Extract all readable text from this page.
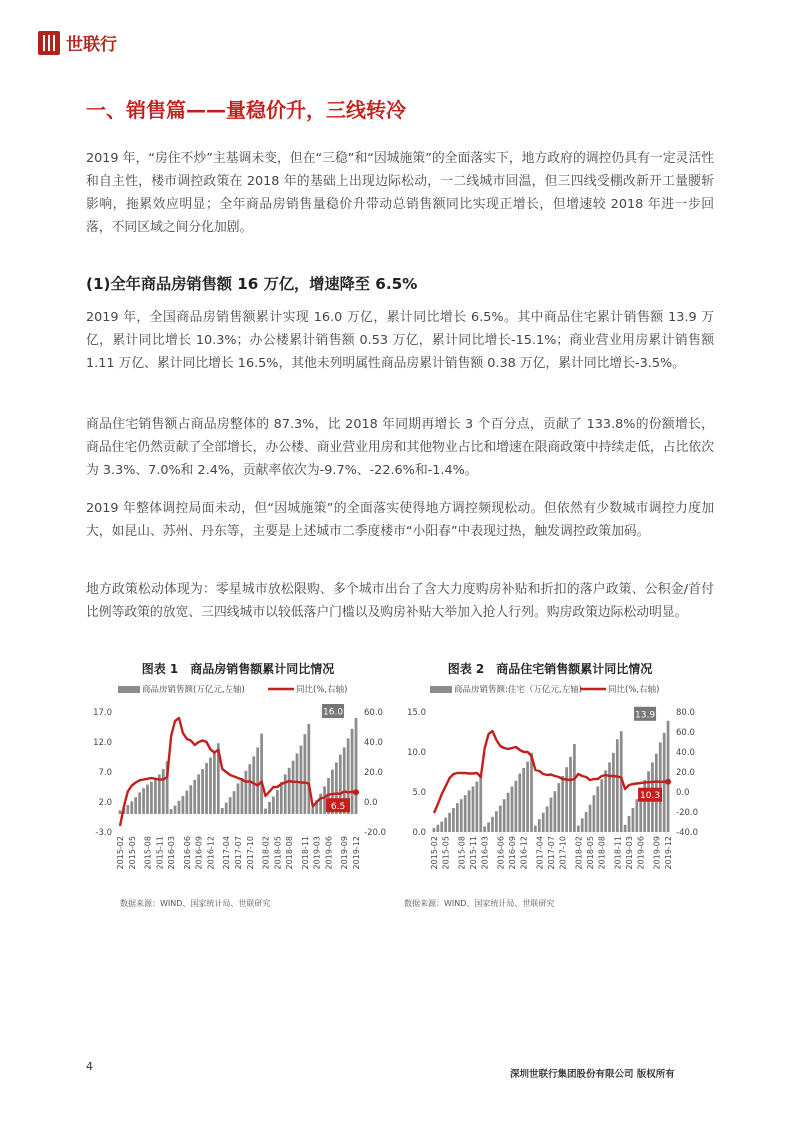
世联行
一、销售篇——量稳价升，三线转冷

2019 年，“房住不炒”主基调未变，但在“三稳”和“因城施策”的全面落实下，地方政府的调控仍具有一定灵活性和自主性，楼市调控政策在 2018 年的基础上出现边际松动，一二线城市回温，但三四线受棚改新开工量腰斩影响，拖累效应明显；全年商品房销售量稳价升带动总销售额同比实现正增长，但增速较 2018 年进一步回落，不同区域之间分化加剧。

(1)全年商品房销售额 16 万亿，增速降至 6.5%

2019 年，全国商品房销售额累计实现 16.0 万亿，累计同比增长 6.5%。其中商品住宅累计销售额 13.9 万亿，累计同比增长 10.3%；办公楼累计销售额 0.53 万亿，累计同比增长-15.1%；商业营业用房累计销售额 1.11 万亿、累计同比增长 16.5%，其他未列明属性商品房累计销售额 0.38 万亿，累计同比增长-3.5%。

商品住宅销售额占商品房整体的 87.3%，比 2018 年同期再增长 3 个百分点，贡献了 133.8%的份额增长，商品住宅仍然贡献了全部增长，办公楼、商业营业用房和其他物业占比和增速在限商政策中持续走低，占比依次为 3.3%、7.0%和 2.4%，贡献率依次为-9.7%、-22.6%和-1.4%。

2019 年整体调控局面未动，但“因城施策”的全面落实使得地方调控频现松动。但依然有少数城市调控力度加大，如昆山、苏州、丹东等，主要是上述城市二季度楼市“小阳春”中表现过热，触发调控政策加码。

地方政策松动体现为：零星城市放松限购、多个城市出台了含大力度购房补贴和折扣的落户政策、公积金/首付比例等政策的放宽、三四线城市以较低落户门槛以及购房补贴大举加入抢人行列。购房政策边际松动明显。

图表 1　商品房销售额累计同比情况
商品房销售额(万亿元,左轴)	同比(%,右轴)
17.0
12.0
7.0
2.0
-3.0
60.0
40.0
20.0
0.0
-20.0
16.0
6.5
2015-02 2015-05 2015-08 2015-11 2016-03 2016-06 2016-09 2016-12 2017-04 2017-07 2017-10 2018-02 2018-05 2018-08 2018-11 2019-03 2019-06 2019-09 2019-12
数据来源：WIND、国家统计局、世联研究
图表 2　商品住宅销售额累计同比情况
商品房销售额:住宅（万亿元,左轴)	同比(%,右轴)
15.0
10.0
5.0
0.0
80.0
60.0
40.0
20.0
0.0
-20.0
-40.0
13.9
10.3
2015-02 2015-05 2015-08 2015-11 2016-03 2016-06 2016-09 2016-12 2017-04 2017-07 2017-10 2018-02 2018-05 2018-08 2018-11 2019-03 2019-06 2019-09 2019-12
数据来源：WIND、国家统计局、世联研究
4
深圳世联行集团股份有限公司 版权所有
